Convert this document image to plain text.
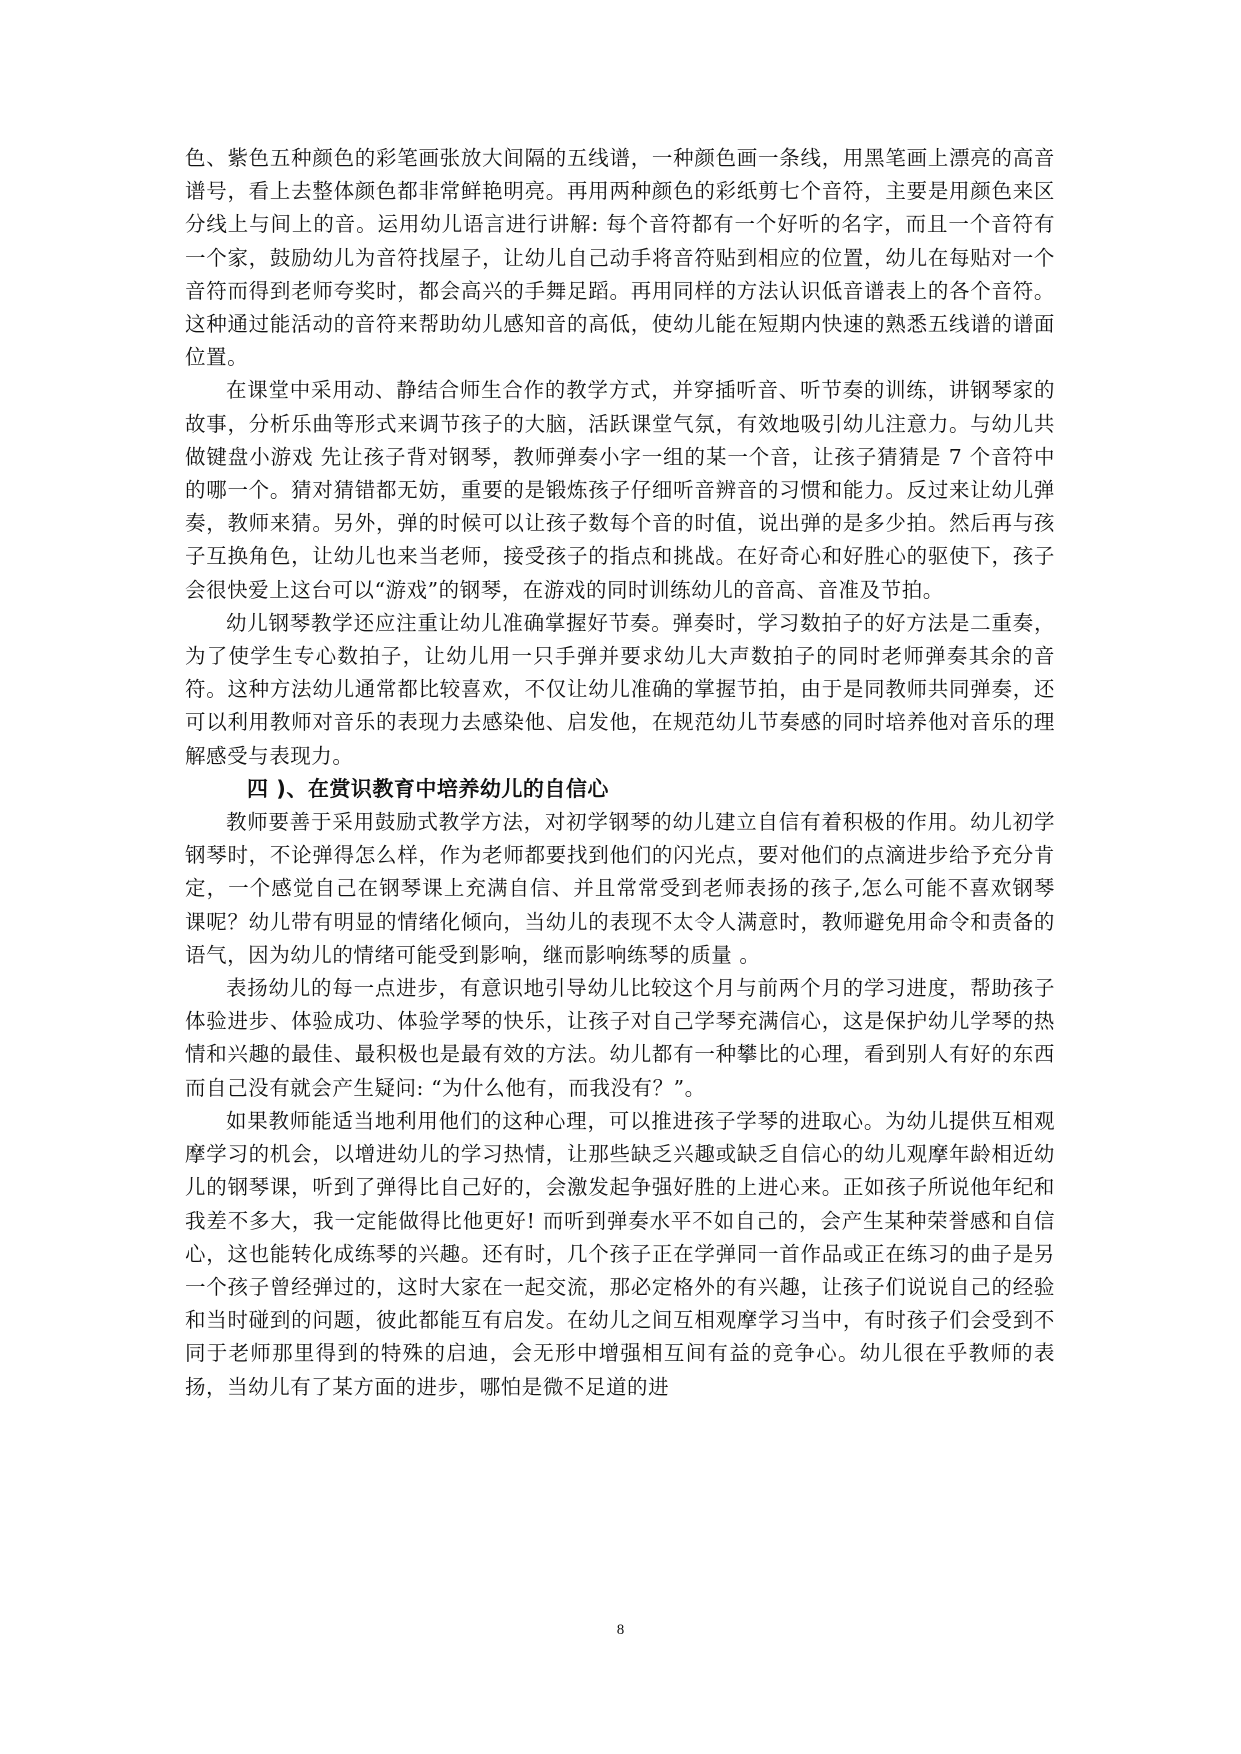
色、紫色五种颜色的彩笔画张放大间隔的五线谱，一种颜色画一条线，用黑笔画上漂亮的高音谱号，看上去整体颜色都非常鲜艳明亮。再用两种颜色的彩纸剪七个音符，主要是用颜色来区分线上与间上的音。运用幼儿语言进行讲解: 每个音符都有一个好听的名字，而且一个音符有一个家，鼓励幼儿为音符找屋子，让幼儿自己动手将音符贴到相应的位置，幼儿在每贴对一个音符而得到老师夸奖时，都会高兴的手舞足蹈。再用同样的方法认识低音谱表上的各个音符。这种通过能活动的音符来帮助幼儿感知音的高低，使幼儿能在短期内快速的熟悉五线谱的谱面位置。

在课堂中采用动、静结合师生合作的教学方式，并穿插听音、听节奏的训练，讲钢琴家的故事，分析乐曲等形式来调节孩子的大脑，活跃课堂气氛，有效地吸引幼儿注意力。与幼儿共做键盘小游戏 先让孩子背对钢琴，教师弹奏小字一组的某一个音，让孩子猜猜是 7 个音符中的哪一个。猜对猜错都无妨，重要的是锻炼孩子仔细听音辨音的习惯和能力。反过来让幼儿弹奏，教师来猜。另外，弹的时候可以让孩子数每个音的时值，说出弹的是多少拍。然后再与孩子互换角色，让幼儿也来当老师，接受孩子的指点和挑战。在好奇心和好胜心的驱使下，孩子会很快爱上这台可以“游戏”的钢琴，在游戏的同时训练幼儿的音高、音准及节拍。

幼儿钢琴教学还应注重让幼儿准确掌握好节奏。弹奏时，学习数拍子的好方法是二重奏，为了使学生专心数拍子，让幼儿用一只手弹并要求幼儿大声数拍子的同时老师弹奏其余的音符。这种方法幼儿通常都比较喜欢，不仅让幼儿准确的掌握节拍，由于是同教师共同弹奏，还可以利用教师对音乐的表现力去感染他、启发他，在规范幼儿节奏感的同时培养他对音乐的理解感受与表现力。

四 )、在赏识教育中培养幼儿的自信心

教师要善于采用鼓励式教学方法，对初学钢琴的幼儿建立自信有着积极的作用。幼儿初学钢琴时，不论弹得怎么样，作为老师都要找到他们的闪光点，要对他们的点滴进步给予充分肯定，一个感觉自己在钢琴课上充满自信、并且常常受到老师表扬的孩子,怎么可能不喜欢钢琴课呢？幼儿带有明显的情绪化倾向，当幼儿的表现不太令人满意时，教师避免用命令和责备的语气，因为幼儿的情绪可能受到影响，继而影响练琴的质量 。

表扬幼儿的每一点进步，有意识地引导幼儿比较这个月与前两个月的学习进度，帮助孩子体验进步、体验成功、体验学琴的快乐，让孩子对自己学琴充满信心，这是保护幼儿学琴的热情和兴趣的最佳、最积极也是最有效的方法。幼儿都有一种攀比的心理，看到别人有好的东西而自己没有就会产生疑问: “为什么他有，而我没有？”。

如果教师能适当地利用他们的这种心理，可以推进孩子学琴的进取心。为幼儿提供互相观摩学习的机会，以增进幼儿的学习热情，让那些缺乏兴趣或缺乏自信心的幼儿观摩年龄相近幼儿的钢琴课，听到了弹得比自己好的，会激发起争强好胜的上进心来。正如孩子所说他年纪和我差不多大，我一定能做得比他更好! 而听到弹奏水平不如自己的，会产生某种荣誉感和自信心，这也能转化成练琴的兴趣。还有时，几个孩子正在学弹同一首作品或正在练习的曲子是另一个孩子曾经弹过的，这时大家在一起交流，那必定格外的有兴趣，让孩子们说说自己的经验和当时碰到的问题，彼此都能互有启发。在幼儿之间互相观摩学习当中，有时孩子们会受到不同于老师那里得到的特殊的启迪，会无形中增强相互间有益的竞争心。幼儿很在乎教师的表扬，当幼儿有了某方面的进步，哪怕是微不足道的进

8
